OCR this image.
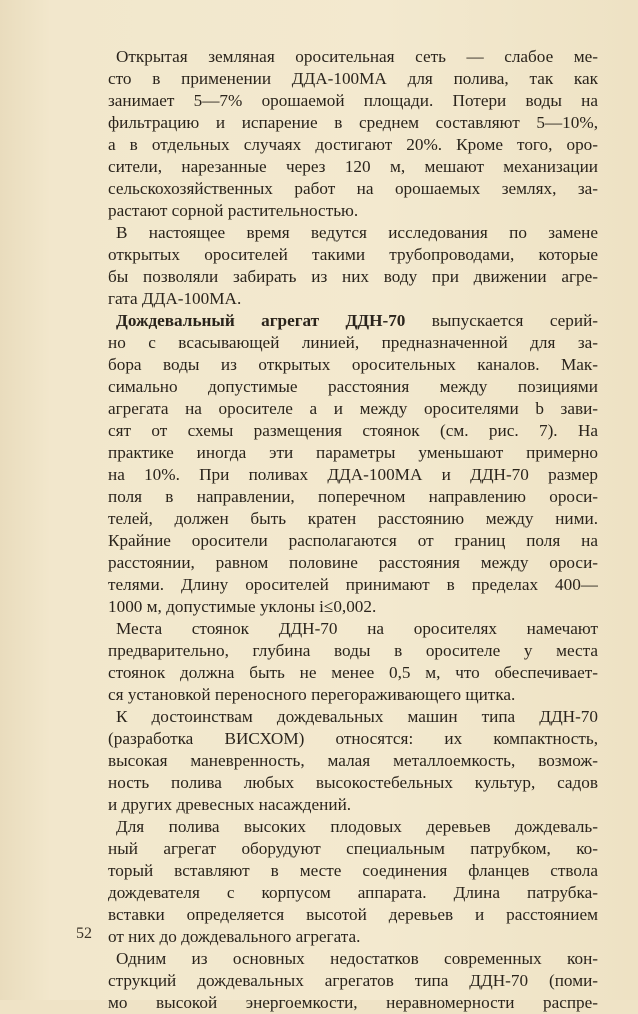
Открытая земляная оросительная сеть — слабое ме-
сто в применении ДДА-100МА для полива, так как
занимает 5—7% орошаемой площади. Потери воды на
фильтрацию и испарение в среднем составляют 5—10%,
а в отдельных случаях достигают 20%. Кроме того, оро-
сители, нарезанные через 120 м, мешают механизации
сельскохозяйственных работ на орошаемых землях, за-
растают сорной растительностью.

В настоящее время ведутся исследования по замене
открытых оросителей такими трубопроводами, которые
бы позволяли забирать из них воду при движении агре-
гата ДДА-100МА.

Дождевальный агрегат ДДН-70 выпускается серий-
но с всасывающей линией, предназначенной для за-
бора воды из открытых оросительных каналов. Мак-
симально допустимые расстояния между позициями
агрегата на оросителе a и между оросителями b зави-
сят от схемы размещения стоянок (см. рис. 7). На
практике иногда эти параметры уменьшают примерно
на 10%. При поливах ДДА-100МА и ДДН-70 размер
поля в направлении, поперечном направлению ороси-
телей, должен быть кратен расстоянию между ними.
Крайние оросители располагаются от границ поля на
расстоянии, равном половине расстояния между ороси-
телями. Длину оросителей принимают в пределах 400—
1000 м, допустимые уклоны i≤0,002.

Места стоянок ДДН-70 на оросителях намечают
предварительно, глубина воды в оросителе у места
стоянок должна быть не менее 0,5 м, что обеспечивает-
ся установкой переносного перегораживающего щитка.

К достоинствам дождевальных машин типа ДДН-70
(разработка ВИСХОМ) относятся: их компактность,
высокая маневренность, малая металлоемкость, возмож-
ность полива любых высокостебельных культур, садов
и других древесных насаждений.

Для полива высоких плодовых деревьев дождеваль-
ный агрегат оборудуют специальным патрубком, ко-
торый вставляют в месте соединения фланцев ствола
дождевателя с корпусом аппарата. Длина патрубка-
вставки определяется высотой деревьев и расстоянием
от них до дождевального агрегата.

Одним из основных недостатков современных кон-
струкций дождевальных агрегатов типа ДДН-70 (поми-
мо высокой энергоемкости, неравномерности распре-

52
